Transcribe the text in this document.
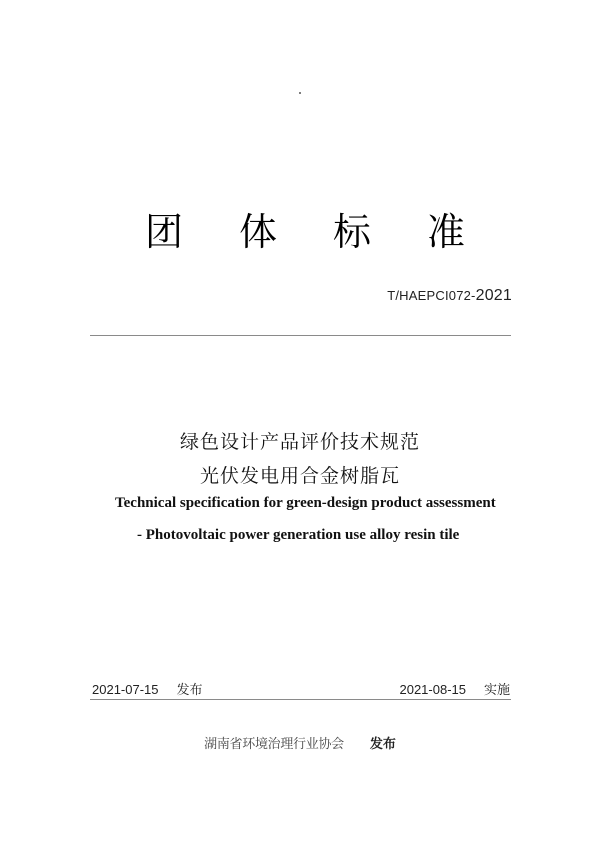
团 体 标 准
T/HAEPCI072-2021
绿色设计产品评价技术规范
光伏发电用合金树脂瓦
Technical specification for green-design product assessment
- Photovoltaic power generation use alloy resin tile
2021-07-15 发布	2021-08-15 实施
湖南省环境治理行业协会 发布
